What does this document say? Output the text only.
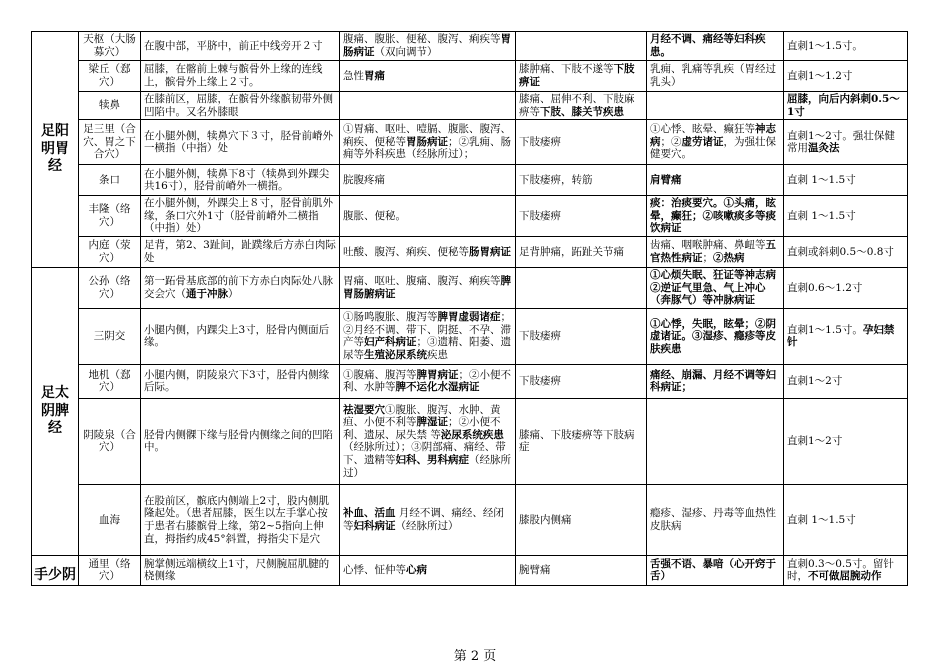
足阳
明胃
经	天枢（大肠募穴）	在腹中部，平脐中，前正中线旁开２寸	腹痛、腹胀、便秘、腹泻、痢疾等胃肠病证（双向调节）		月经不调、痛经等妇科疾患。	直刺1～1.5寸。
	梁丘（郄穴）	屈膝，在髂前上棘与髌骨外上缘的连线上，髌骨外上缘上２寸。	急性胃痛	膝肿痛、下肢不遂等下肢痹证	乳痈、乳痛等乳疾（胃经过乳头）	直刺1～1.2寸
	犊鼻	在膝前区，屈膝，在髌骨外缘髌韧带外侧凹陷中。又名外膝眼		膝痛、屈伸不利、下肢麻痹等下肢、膝关节疾患		屈膝，向后内斜刺0.5～1寸
	足三里（合穴、胃之下合穴）	在小腿外侧，犊鼻穴下３寸，胫骨前嵴外一横指（中指）处	①胃痛、呕吐、噎膈、腹胀、腹泻、痢疾、便秘等胃肠病证；②乳痈、肠痈等外科疾患（经脉所过）；	下肢痿痹	①心悸、眩晕、癫狂等神志病；②虚劳诸证，为强壮保健要穴。	直刺1～2寸。强壮保健常用温灸法
	条口	在小腿外侧，犊鼻下8寸（犊鼻到外踝尖共16寸），胫骨前嵴外一横指。	脘腹疼痛	下肢痿痹，转筋	肩臂痛	直刺 1～1.5寸
	丰隆（络穴）	在小腿外侧，外踝尖上８寸，胫骨前肌外缘，条口穴外1寸（胫骨前嵴外二横指（中指）处）	腹胀、便秘。	下肢痿痹	痰：治痰要穴。①头痛，眩晕，癫狂；②咳嗽痰多等痰饮病证	直刺 1～1.5寸
	内庭（荥穴）	足背，第2、3趾间，趾蹼缘后方赤白肉际处	吐酸、腹泻、痢疾、便秘等肠胃病证	足背肿痛，跖趾关节痛	齿痛、咽喉肿痛、鼻衄等五官热性病证；②热病	直刺或斜刺0.5～0.8寸
足太
阴脾
经	公孙（络穴）	第一跖骨基底部的前下方赤白肉际处八脉交会穴（通于冲脉）	胃痛、呕吐、腹痛、腹泻、痢疾等脾胃肠腑病证		①心烦失眠、狂证等神志病②逆证气里急、气上冲心（奔豚气）等冲脉病证	直刺0.6～1.2寸
	三阴交	小腿内侧，内踝尖上3寸，胫骨内侧面后缘。	①肠鸣腹胀、腹泻等脾胃虚弱诸症；②月经不调、带下、阴挺、不孕、滞产等妇产科病证；③遗精、阳萎、遗尿等生殖泌尿系统疾患	下肢痿痹	①心悸，失眠，眩晕；②阴虚诸证。③湿疹、瘾疹等皮肤疾患	直刺1～1.5寸。孕妇禁针
	地机（郄穴）	小腿内侧，阴陵泉穴下3寸，胫骨内侧缘后际。	①腹痛、腹泻等脾胃病证；②小便不利、水肿等脾不运化水湿病证	下肢痿痹	痛经、崩漏、月经不调等妇科病证；	直刺1～2寸
	阴陵泉（合穴）	胫骨内侧髁下缘与胫骨内侧缘之间的凹陷中。	祛湿要穴①腹胀、腹泻、水肿、黄疸、小便不利等脾湿证；②小便不利、遗尿、尿失禁 等泌尿系统疾患（经脉所过）；③阴部痛、痛经、带下、遗精等妇科、男科病症（经脉所过）	膝痛、下肢痿痹等下肢病症		直刺1～2寸
	血海	在股前区，髌底内侧端上2寸，股内侧肌隆起处。（患者屈膝，医生以左手掌心按于患者右膝髌骨上缘，第2~5指向上伸直，拇指约成45°斜置，拇指尖下是穴	补血、活血 月经不调、痛经、经闭等妇科病证（经脉所过）	膝股内侧痛	瘾疹、湿疹、丹毒等血热性皮肤病	直刺 1～1.5寸
手少阴	通里（络穴）	腕掌侧远端横纹上1寸，尺侧腕屈肌腱的桡侧缘	心悸、怔仲等心病	腕臂痛	舌强不语、暴喑（心开窍于舌）	直刺0.3～0.5寸。留针时，不可做屈腕动作
第 2 页
